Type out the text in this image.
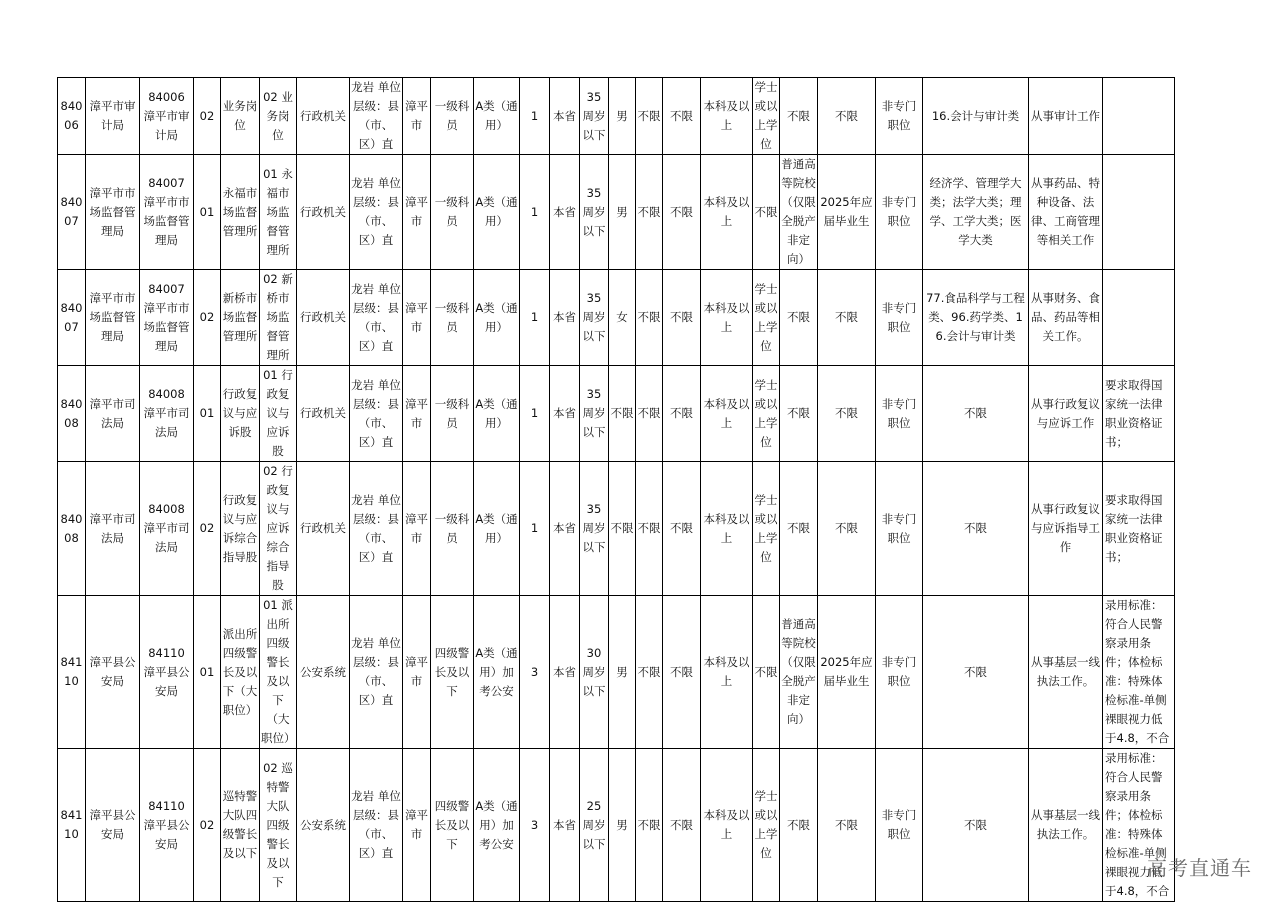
84006	漳平市审计局	84006 漳平市审计局	02	业务岗位	02 业务岗位	行政机关	龙岩 单位层级：县（市、区）直	漳平市	一级科员	A类（通用）	1	本省	35周岁以下	男	不限	不限	本科及以上	学士或以上学位	不限	不限	非专门职位	16.会计与审计类	从事审计工作	
84007	漳平市市场监督管理局	84007 漳平市市场监督管理局	01	永福市场监督管理所	01 永福市场监督管理所	行政机关	龙岩 单位层级：县（市、区）直	漳平市	一级科员	A类（通用）	1	本省	35周岁以下	男	不限	不限	本科及以上	不限	普通高等院校（仅限全脱产非定向）	2025年应届毕业生	非专门职位	经济学、管理学大类；法学大类；理学、工学大类；医学大类	从事药品、特种设备、法律、工商管理等相关工作	
84007	漳平市市场监督管理局	84007 漳平市市场监督管理局	02	新桥市场监督管理所	02 新桥市场监督管理所	行政机关	龙岩 单位层级：县（市、区）直	漳平市	一级科员	A类（通用）	1	本省	35周岁以下	女	不限	不限	本科及以上	学士或以上学位	不限	不限	非专门职位	77.食品科学与工程类、96.药学类、16.会计与审计类	从事财务、食品、药品等相关工作。	
84008	漳平市司法局	84008 漳平市司法局	01	行政复议与应诉股	01 行政复议与应诉股	行政机关	龙岩 单位层级：县（市、区）直	漳平市	一级科员	A类（通用）	1	本省	35周岁以下	不限	不限	不限	本科及以上	学士或以上学位	不限	不限	非专门职位	不限	从事行政复议与应诉工作	要求取得国家统一法律职业资格证书；
84008	漳平市司法局	84008 漳平市司法局	02	行政复议与应诉综合指导股	02 行政复议与应诉综合指导股	行政机关	龙岩 单位层级：县（市、区）直	漳平市	一级科员	A类（通用）	1	本省	35周岁以下	不限	不限	不限	本科及以上	学士或以上学位	不限	不限	非专门职位	不限	从事行政复议与应诉指导工作	要求取得国家统一法律职业资格证书；
84110	漳平县公安局	84110 漳平县公安局	01	派出所四级警长及以下（大职位）	01 派出所四级警长及以下（大职位）	公安系统	龙岩 单位层级：县（市、区）直	漳平市	四级警长及以下	A类（通用）加考公安	3	本省	30周岁以下	男	不限	不限	本科及以上	不限	普通高等院校（仅限全脱产非定向）	2025年应届毕业生	非专门职位	不限	从事基层一线执法工作。	录用标准：符合人民警察录用条件；体检标准：特殊体检标准-单侧裸眼视力低于4.8，不合
84110	漳平县公安局	84110 漳平县公安局	02	巡特警大队四级警长及以下	02 巡特警大队四级警长及以下	公安系统	龙岩 单位层级：县（市、区）直	漳平市	四级警长及以下	A类（通用）加考公安	3	本省	25周岁以下	男	不限	不限	本科及以上	学士或以上学位	不限	不限	非专门职位	不限	从事基层一线执法工作。	录用标准：符合人民警察录用条件；体检标准：特殊体检标准-单侧裸眼视力低于4.8，不合
高考直通车
